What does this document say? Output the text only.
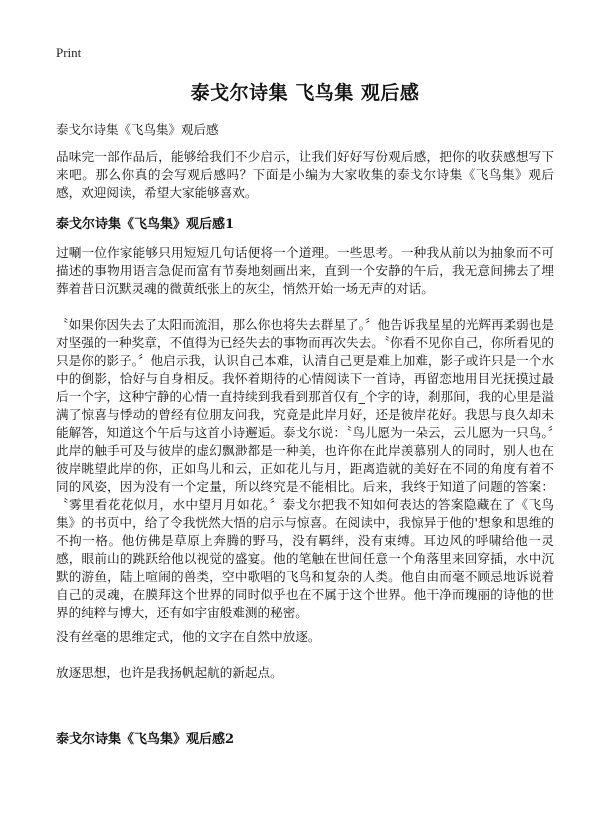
Print
泰戈尔诗集 飞鸟集 观后感

泰戈尔诗集《飞鸟集》观后感

品味完一部作品后，能够给我们不少启示，让我们好好写份观后感，把你的收获感想写下来吧。那么你真的会写观后感吗？下面是小编为大家收集的泰戈尔诗集《飞鸟集》观后感，欢迎阅读，希望大家能够喜欢。

泰戈尔诗集《飞鸟集》观后感1

过唰一位作家能够只用短短几句话便将一个道理。一些思考。一种我从前以为抽象而不可描述的事物用语言急促而富有节奏地刻画出来，直到一个安静的午后，我无意间拂去了埋葬着昔日沉默灵魂的微黄纸张上的灰尘，悄然开始一场无声的对话。

〝如果你因失去了太阳而流泪，那么你也将失去群星了。〞他告诉我星星的光辉再柔弱也是对坚强的一种奖章，不值得为已经失去的事物而再次失去。〝你看不见你自己，你所看见的只是你的影子。〞他启示我，认识自己本难，认清自己更是难上加难，影子或许只是一个水中的倒影，恰好与自身相反。我怀着期待的心情阅读下一首诗，再留恋地用目光抚摸过最后一个字，这种宁静的心情一直持续到我看到那首仅有_个字的诗，刹那间，我的心里是溢满了惊喜与悸动的曾经有位朋友问我，究竟是此岸月好，还是彼岸花好。我思与良久却未能解答，知道这个午后与这首小诗邂逅。泰戈尔说：〝鸟儿愿为一朵云，云儿愿为一只鸟。〞此岸的触手可及与彼岸的虚幻飘渺都是一种美，也许你在此岸羡慕别人的同时，别人也在彼岸眺望此岸的你，正如鸟儿和云，正如花儿与月，距离造就的美好在不同的角度有着不同的风姿，因为没有一个定量，所以终究是不能相比。后来，我终于知道了问题的答案：〝雾里看花花似月，水中望月月如花。〞泰戈尔把我不知如何表达的答案隐藏在了《飞鸟集》的书页中，给了令我恍然大悟的启示与惊喜。在阅读中，我惊异于他的'想象和思维的不拘一格。他仿佛是草原上奔腾的野马，没有羁绊，没有束缚。耳边风的呼啸给他一灵感，眼前山的跳跃给他以视觉的盛宴。他的笔触在世间任意一个角落里来回穿插，水中沉默的游鱼，陆上喧闹的兽类，空中歌唱的飞鸟和复杂的人类。他自由而毫不顾忌地诉说着自己的灵魂，在膜拜这个世界的同时似乎也在不属于这个世界。他干净而瑰丽的诗他的世界的纯粹与博大，还有如宇宙般难测的秘密。

没有丝毫的思维定式，他的文字在自然中放逐。

放逐思想，也许是我扬帆起航的新起点。

泰戈尔诗集《飞鸟集》观后感2
